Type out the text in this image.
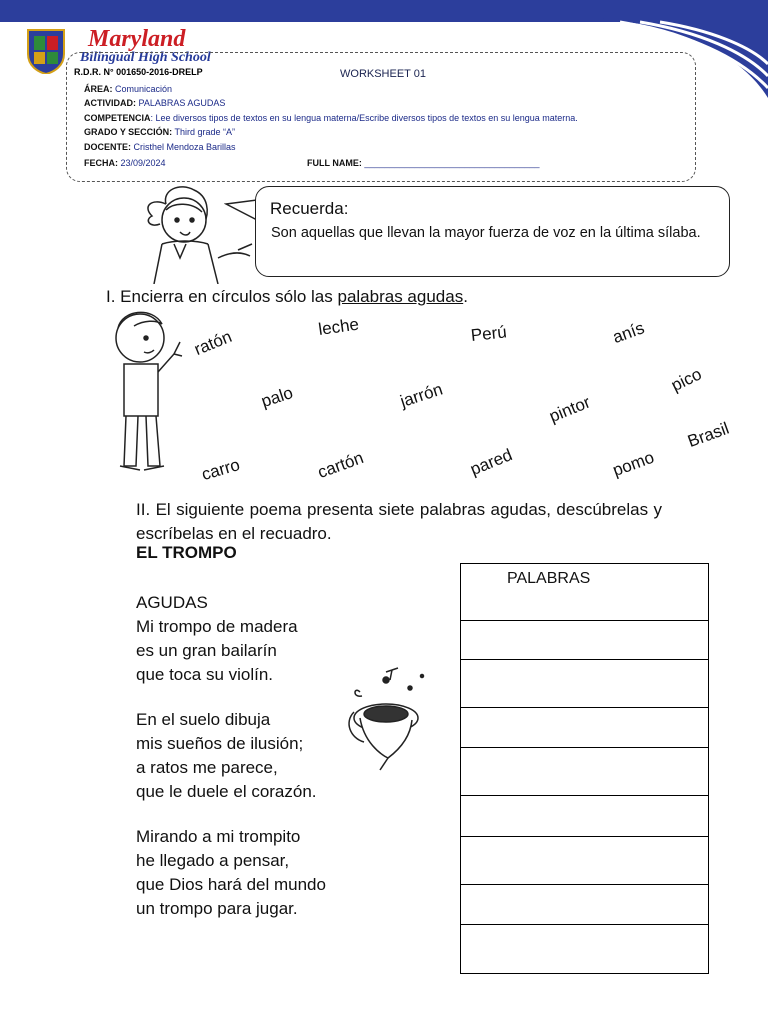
Maryland
Bilingual High School
R.D.R. N° 001650-2016-DRELP	WORKSHEET 01
ÁREA: Comunicación
ACTIVIDAD: PALABRAS AGUDAS
COMPETENCIA: Lee diversos tipos de textos en su lengua materna/Escribe diversos tipos de textos en su lengua materna.
GRADO Y SECCIÓN: Third grade “A”
DOCENTE: Cristhel Mendoza Barillas
FECHA: 23/09/2024	FULL NAME: ___________________________________
Recuerda:
Son aquellas que llevan la mayor fuerza de voz en la última sílaba.
I. Encierra en círculos sólo las palabras agudas.
ratón
leche	Perú	anís
palo	jarrón	pintor
pico
Brasil
carro	cartón	pared	pomo
II. El siguiente poema presenta siete palabras agudas, descúbrelas y escríbelas en el recuadro.
EL TROMPO
AGUDAS
Mi trompo de madera
es un gran bailarín
que toca su violín.
En el suelo dibuja
mis sueños de ilusión;
a ratos me parece,
que le duele el corazón.
Mirando a mi trompito
he llegado a pensar,
que Dios hará del mundo
un trompo para jugar.
PALABRAS
